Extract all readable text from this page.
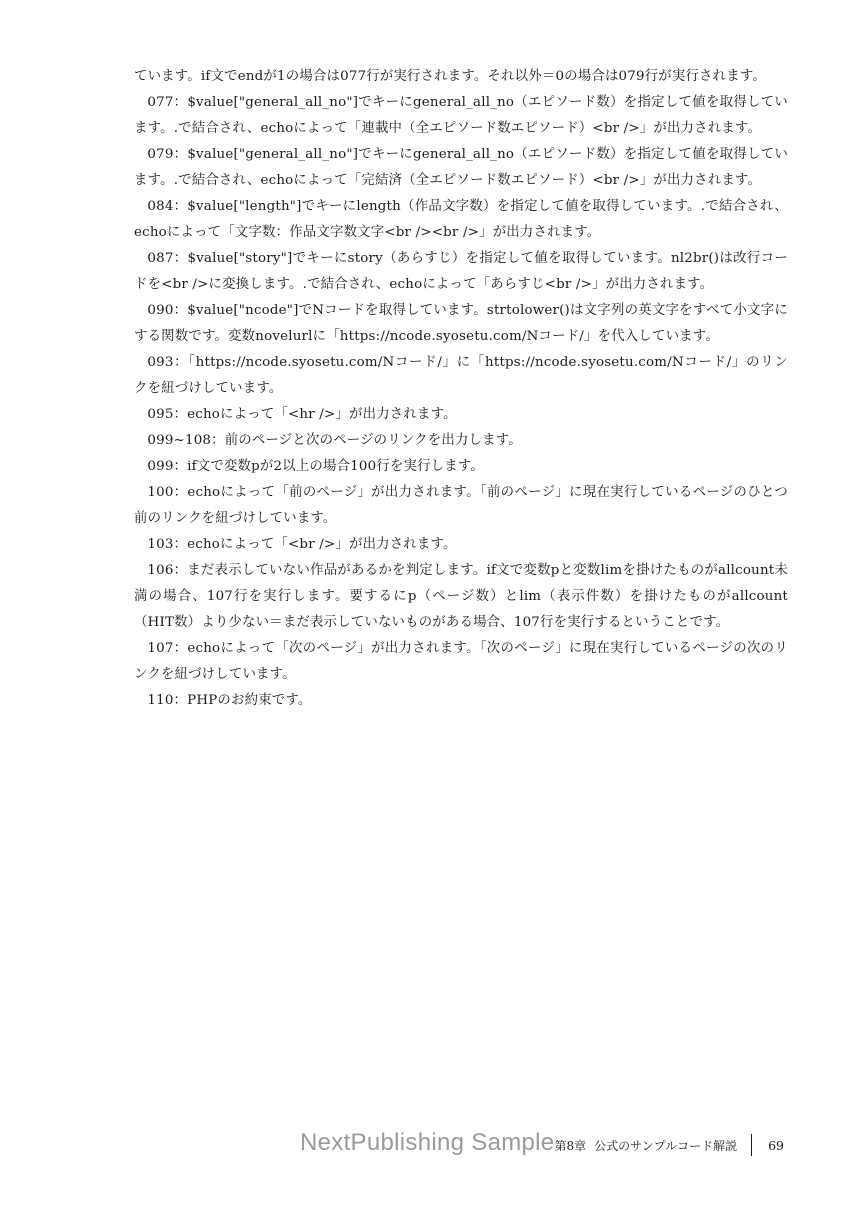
ています。if文でendが1の場合は077行が実行されます。それ以外＝0の場合は079行が実行されます。

077：$value["general_all_no"]でキーにgeneral_all_no（エピソード数）を指定して値を取得しています。.で結合され、echoによって「連載中（全エピソード数エピソード）<br />」が出力されます。

079：$value["general_all_no"]でキーにgeneral_all_no（エピソード数）を指定して値を取得しています。.で結合され、echoによって「完結済（全エピソード数エピソード）<br />」が出力されます。

084：$value["length"]でキーにlength（作品文字数）を指定して値を取得しています。.で結合され、echoによって「文字数：作品文字数文字<br /><br />」が出力されます。

087：$value["story"]でキーにstory（あらすじ）を指定して値を取得しています。nl2br()は改行コードを<br />に変換します。.で結合され、echoによって「あらすじ<br />」が出力されます。

090：$value["ncode"]でNコードを取得しています。strtolower()は文字列の英文字をすべて小文字にする関数です。変数novelurlに「https://ncode.syosetu.com/Nコード/」を代入しています。

093：「https://ncode.syosetu.com/Nコード/」に「https://ncode.syosetu.com/Nコード/」のリンクを紐づけしています。

095：echoによって「<hr />」が出力されます。

099~108：前のページと次のページのリンクを出力します。

099：if文で変数pが2以上の場合100行を実行します。

100：echoによって「前のページ」が出力されます。「前のページ」に現在実行しているページのひとつ前のリンクを紐づけしています。

103：echoによって「<br />」が出力されます。

106：まだ表示していない作品があるかを判定します。if文で変数pと変数limを掛けたものがallcount未満の場合、107行を実行します。要するにp（ページ数）とlim（表示件数）を掛けたものがallcount（HIT数）より少ない＝まだ表示していないものがある場合、107行を実行するということです。

107：echoによって「次のページ」が出力されます。「次のページ」に現在実行しているページの次のリンクを紐づけしています。

110：PHPのお約束です。

NextPublishing Sample 第8章 公式のサンプルコード解説 69
